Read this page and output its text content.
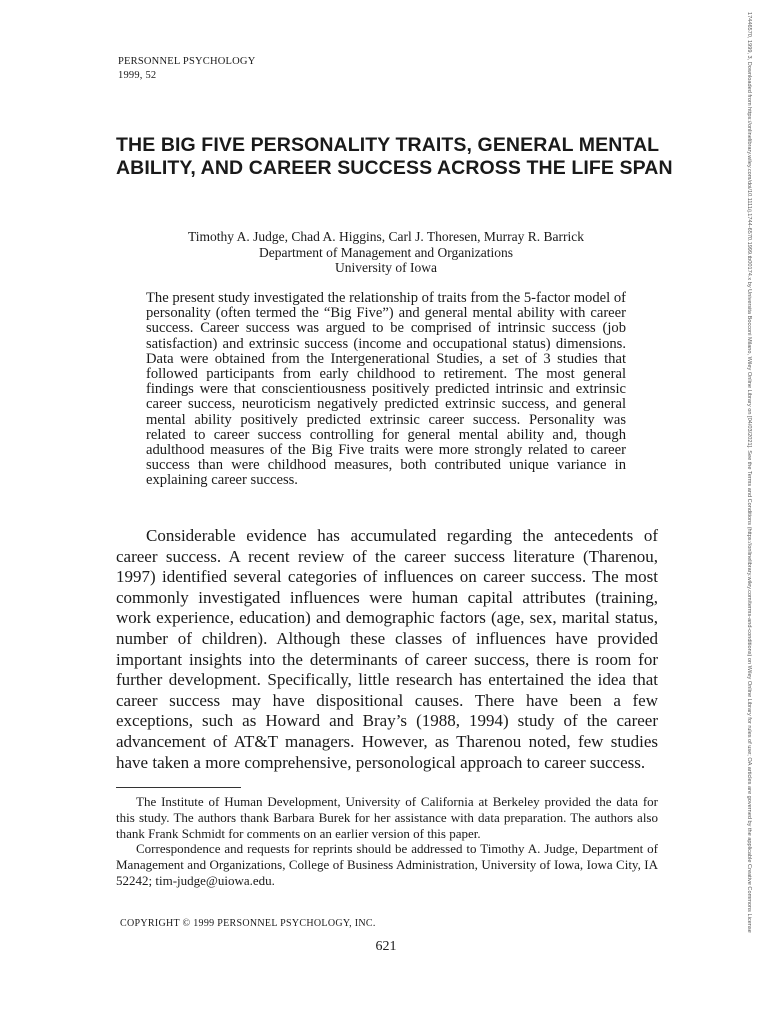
PERSONNEL PSYCHOLOGY
1999, 52
THE BIG FIVE PERSONALITY TRAITS, GENERAL MENTAL ABILITY, AND CAREER SUCCESS ACROSS THE LIFE SPAN
Timothy A. Judge, Chad A. Higgins, Carl J. Thoresen, Murray R. Barrick
Department of Management and Organizations
University of Iowa

The present study investigated the relationship of traits from the 5-factor model of personality (often termed the “Big Five”) and general mental ability with career success. Career success was argued to be comprised of intrinsic success (job satisfaction) and extrinsic success (income and occupational status) dimensions. Data were obtained from the Intergenerational Studies, a set of 3 studies that followed participants from early childhood to retirement. The most general findings were that conscientiousness positively predicted intrinsic and extrinsic career success, neuroticism negatively predicted extrinsic success, and general mental ability positively predicted extrinsic career success. Personality was related to career success controlling for general mental ability and, though adulthood measures of the Big Five traits were more strongly related to career success than were childhood measures, both contributed unique variance in explaining career success.

Considerable evidence has accumulated regarding the antecedents of career success. A recent review of the career success literature (Tharenou, 1997) identified several categories of influences on career success. The most commonly investigated influences were human capital attributes (training, work experience, education) and demographic factors (age, sex, marital status, number of children). Although these classes of influences have provided important insights into the determinants of career success, there is room for further development. Specifically, little research has entertained the idea that career success may have dispositional causes. There have been a few exceptions, such as Howard and Bray’s (1988, 1994) study of the career advancement of AT&T managers. However, as Tharenou noted, few studies have taken a more comprehensive, personological approach to career success.

The Institute of Human Development, University of California at Berkeley provided the data for this study. The authors thank Barbara Burek for her assistance with data preparation. The authors also thank Frank Schmidt for comments on an earlier version of this paper.

Correspondence and requests for reprints should be addressed to Timothy A. Judge, Department of Management and Organizations, College of Business Administration, University of Iowa, Iowa City, IA 52242; tim-judge@uiowa.edu.

COPYRIGHT © 1999 PERSONNEL PSYCHOLOGY, INC.
621
17446570, 1999, 3, Downloaded from https://onlinelibrary.wiley.com/doi/10.1111/j.1744-6570.1999.tb00174.x by Universita Bocconi Milano, Wiley Online Library on [04/03/2021]. See the Terms and Conditions (https://onlinelibrary.wiley.com/terms-and-conditions) on Wiley Online Library for rules of use; OA articles are governed by the applicable Creative Commons License
